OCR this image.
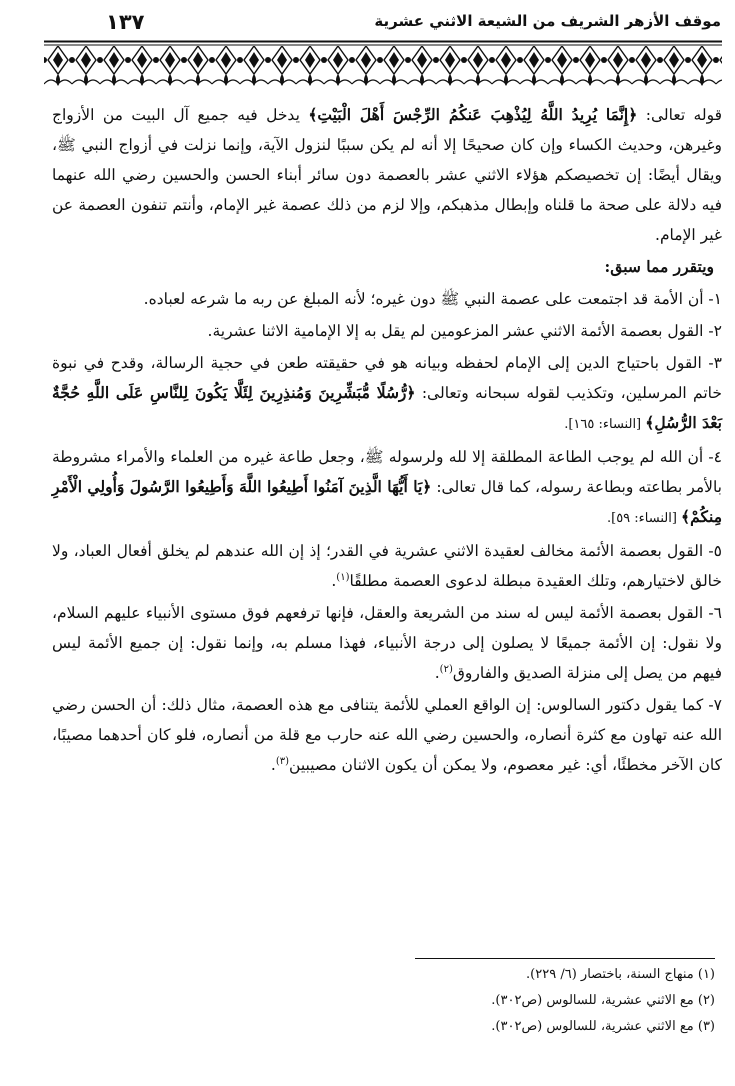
١٣٧	موقف الأزهر الشريف من الشيعة الاثني عشرية

قوله تعالى: ﴿إِنَّمَا يُرِيدُ اللَّهُ لِيُذْهِبَ عَنكُمُ الرِّجْسَ أَهْلَ الْبَيْتِ﴾ يدخل فيه جميع آل البيت من الأزواج وغيرهن، وحديث الكساء وإن كان صحيحًا إلا أنه لم يكن سببًا لنزول الآية، وإنما نزلت في أزواج النبي ﷺ، ويقال أيضًا: إن تخصيصكم هؤلاء الاثني عشر بالعصمة دون سائر أبناء الحسن والحسين رضي الله عنهما فيه دلالة على صحة ما قلناه وإبطال مذهبكم، وإلا لزم من ذلك عصمة غير الإمام، وأنتم تنفون العصمة عن غير الإمام.

ويتقرر مما سبق:

١- أن الأمة قد اجتمعت على عصمة النبي ﷺ دون غيره؛ لأنه المبلغ عن ربه ما شرعه لعباده.

٢- القول بعصمة الأئمة الاثني عشر المزعومين لم يقل به إلا الإمامية الاثنا عشرية.

٣- القول باحتياج الدين إلى الإمام لحفظه وبيانه هو في حقيقته طعن في حجية الرسالة، وقدح في نبوة خاتم المرسلين، وتكذيب لقوله سبحانه وتعالى: ﴿رُّسُلًا مُّبَشِّرِينَ وَمُنذِرِينَ لِئَلَّا يَكُونَ لِلنَّاسِ عَلَى اللَّهِ حُجَّةٌ بَعْدَ الرُّسُلِ﴾ [النساء: ١٦٥].

٤- أن الله لم يوجب الطاعة المطلقة إلا لله ولرسوله ﷺ، وجعل طاعة غيره من العلماء والأمراء مشروطة بالأمر بطاعته وبطاعة رسوله، كما قال تعالى: ﴿يَا أَيُّهَا الَّذِينَ آمَنُوا أَطِيعُوا اللَّهَ وَأَطِيعُوا الرَّسُولَ وَأُولِي الْأَمْرِ مِنكُمْ﴾ [النساء: ٥٩].

٥- القول بعصمة الأئمة مخالف لعقيدة الاثني عشرية في القدر؛ إذ إن الله عندهم لم يخلق أفعال العباد، ولا خالق لاختيارهم، وتلك العقيدة مبطلة لدعوى العصمة مطلقًا$^{(١)}$.

٦- القول بعصمة الأئمة ليس له سند من الشريعة والعقل، فإنها ترفعهم فوق مستوى الأنبياء عليهم السلام، ولا نقول: إن الأئمة جميعًا لا يصلون إلى درجة الأنبياء، فهذا مسلم به، وإنما نقول: إن جميع الأئمة ليس فيهم من يصل إلى منزلة الصديق والفاروق$^{(٢)}$.

٧- كما يقول دكتور السالوس: إن الواقع العملي للأئمة يتنافى مع هذه العصمة، مثال ذلك: أن الحسن رضي الله عنه تهاون مع كثرة أنصاره، والحسين رضي الله عنه حارب مع قلة من أنصاره، فلو كان أحدهما مصيبًا، كان الآخر مخطئًا، أي: غير معصوم، ولا يمكن أن يكون الاثنان مصيبين$^{(٣)}$.

(١) منهاج السنة، باختصار (٦/ ٢٢٩).

(٢) مع الاثني عشرية، للسالوس (ص٣٠٢).

(٣) مع الاثني عشرية، للسالوس (ص٣٠٢).
